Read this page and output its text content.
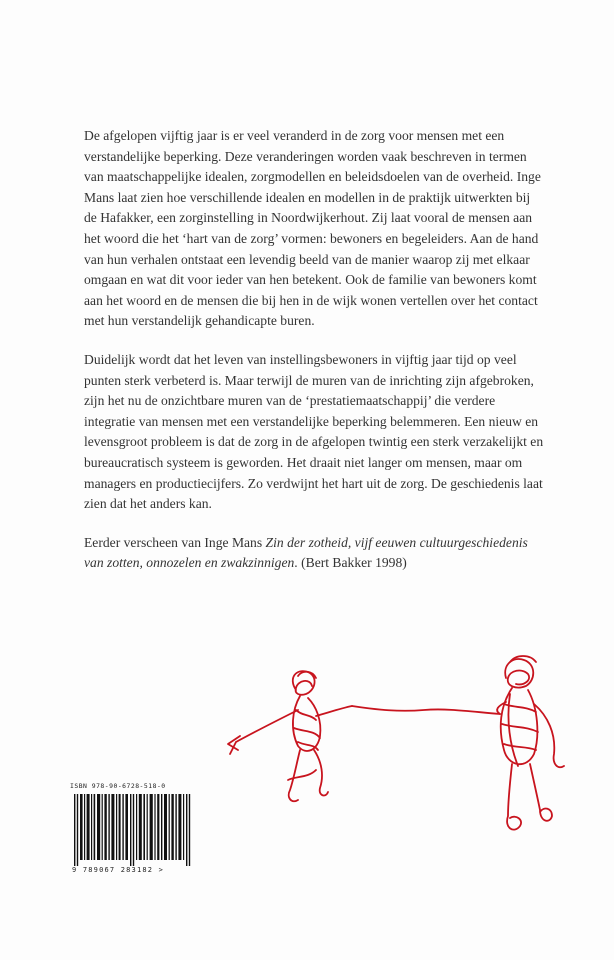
De afgelopen vijftig jaar is er veel veranderd in de zorg voor mensen met een verstandelijke beperking. Deze veranderingen worden vaak beschreven in termen van maatschappelijke idealen, zorgmodellen en beleidsdoelen van de overheid. Inge Mans laat zien hoe verschillende idealen en modellen in de praktijk uitwerkten bij de Hafakker, een zorginstelling in Noordwijkerhout. Zij laat vooral de mensen aan het woord die het ‘hart van de zorg’ vormen: bewoners en begeleiders. Aan de hand van hun verhalen ontstaat een levendig beeld van de manier waarop zij met elkaar omgaan en wat dit voor ieder van hen betekent. Ook de familie van bewoners komt aan het woord en de mensen die bij hen in de wijk wonen vertellen over het contact met hun verstandelijk gehandicapte buren.

Duidelijk wordt dat het leven van instellingsbewoners in vijftig jaar tijd op veel punten sterk verbeterd is. Maar terwijl de muren van de inrichting zijn afgebroken, zijn het nu de onzichtbare muren van de ‘prestatiemaatschappij’ die verdere integratie van mensen met een verstandelijke beperking belemmeren. Een nieuw en levensgroot probleem is dat de zorg in de afgelopen twintig een sterk verzakelijkt en bureaucratisch systeem is geworden. Het draait niet langer om mensen, maar om managers en productiecijfers. Zo verdwijnt het hart uit de zorg. De geschiedenis laat zien dat het anders kan.

Eerder verscheen van Inge Mans Zin der zotheid, vijf eeuwen cultuurgeschiedenis van zotten, onnozelen en zwakzinnigen. (Bert Bakker 1998)

ISBN 978-90-6728-518-0
9 789067 283182 >
